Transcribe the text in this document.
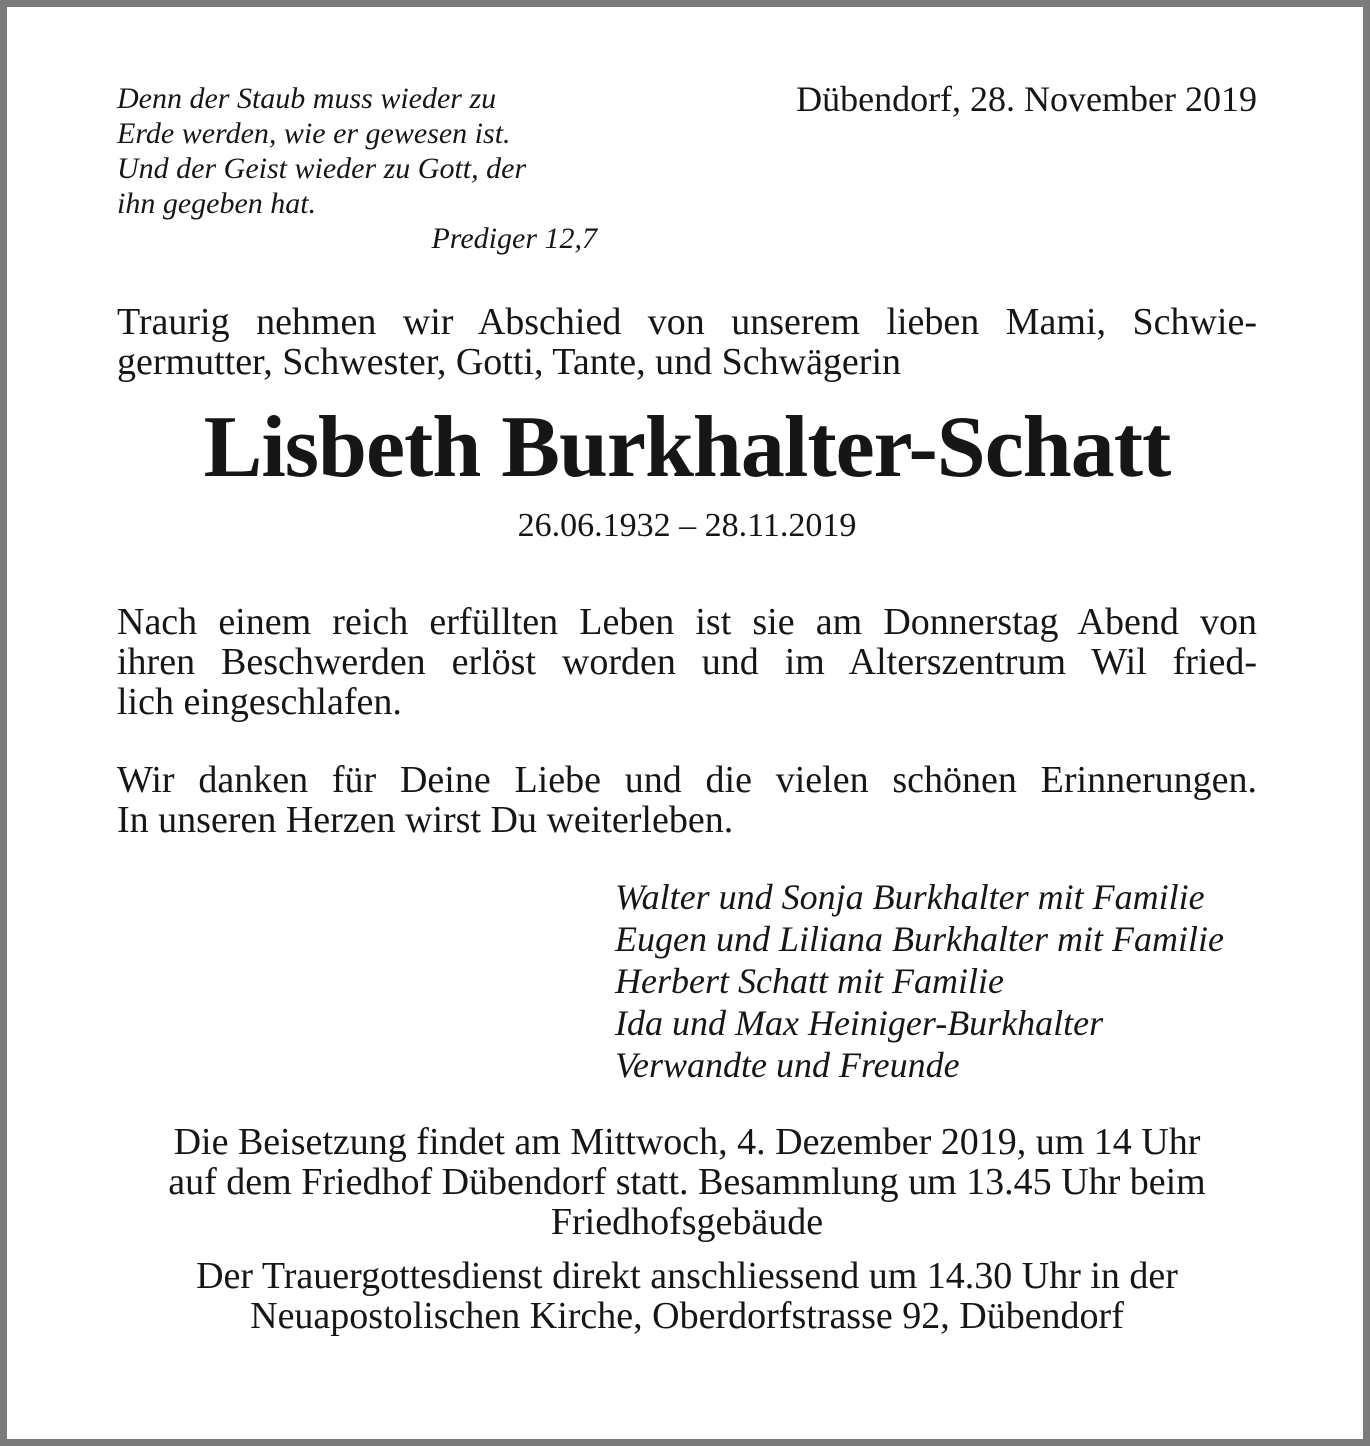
Denn der Staub muss wieder zu
Erde werden, wie er gewesen ist.
Und der Geist wieder zu Gott, der
ihn gegeben hat.
Prediger 12,7
Dübendorf, 28. November 2019
Traurig nehmen wir Abschied von unserem lieben Mami, Schwie-
germutter, Schwester, Gotti, Tante, und Schwägerin
Lisbeth Burkhalter-Schatt
26.06.1932 – 28.11.2019
Nach einem reich erfüllten Leben ist sie am Donnerstag Abend von
ihren Beschwerden erlöst worden und im Alterszentrum Wil fried-
lich eingeschlafen.
Wir danken für Deine Liebe und die vielen schönen Erinnerungen.
In unseren Herzen wirst Du weiterleben.
Walter und Sonja Burkhalter mit Familie
Eugen und Liliana Burkhalter mit Familie
Herbert Schatt mit Familie
Ida und Max Heiniger-Burkhalter
Verwandte und Freunde
Die Beisetzung findet am Mittwoch, 4. Dezember 2019, um 14 Uhr
auf dem Friedhof Dübendorf statt. Besammlung um 13.45 Uhr beim
Friedhofsgebäude
Der Trauergottesdienst direkt anschliessend um 14.30 Uhr in der
Neuapostolischen Kirche, Oberdorfstrasse 92, Dübendorf
